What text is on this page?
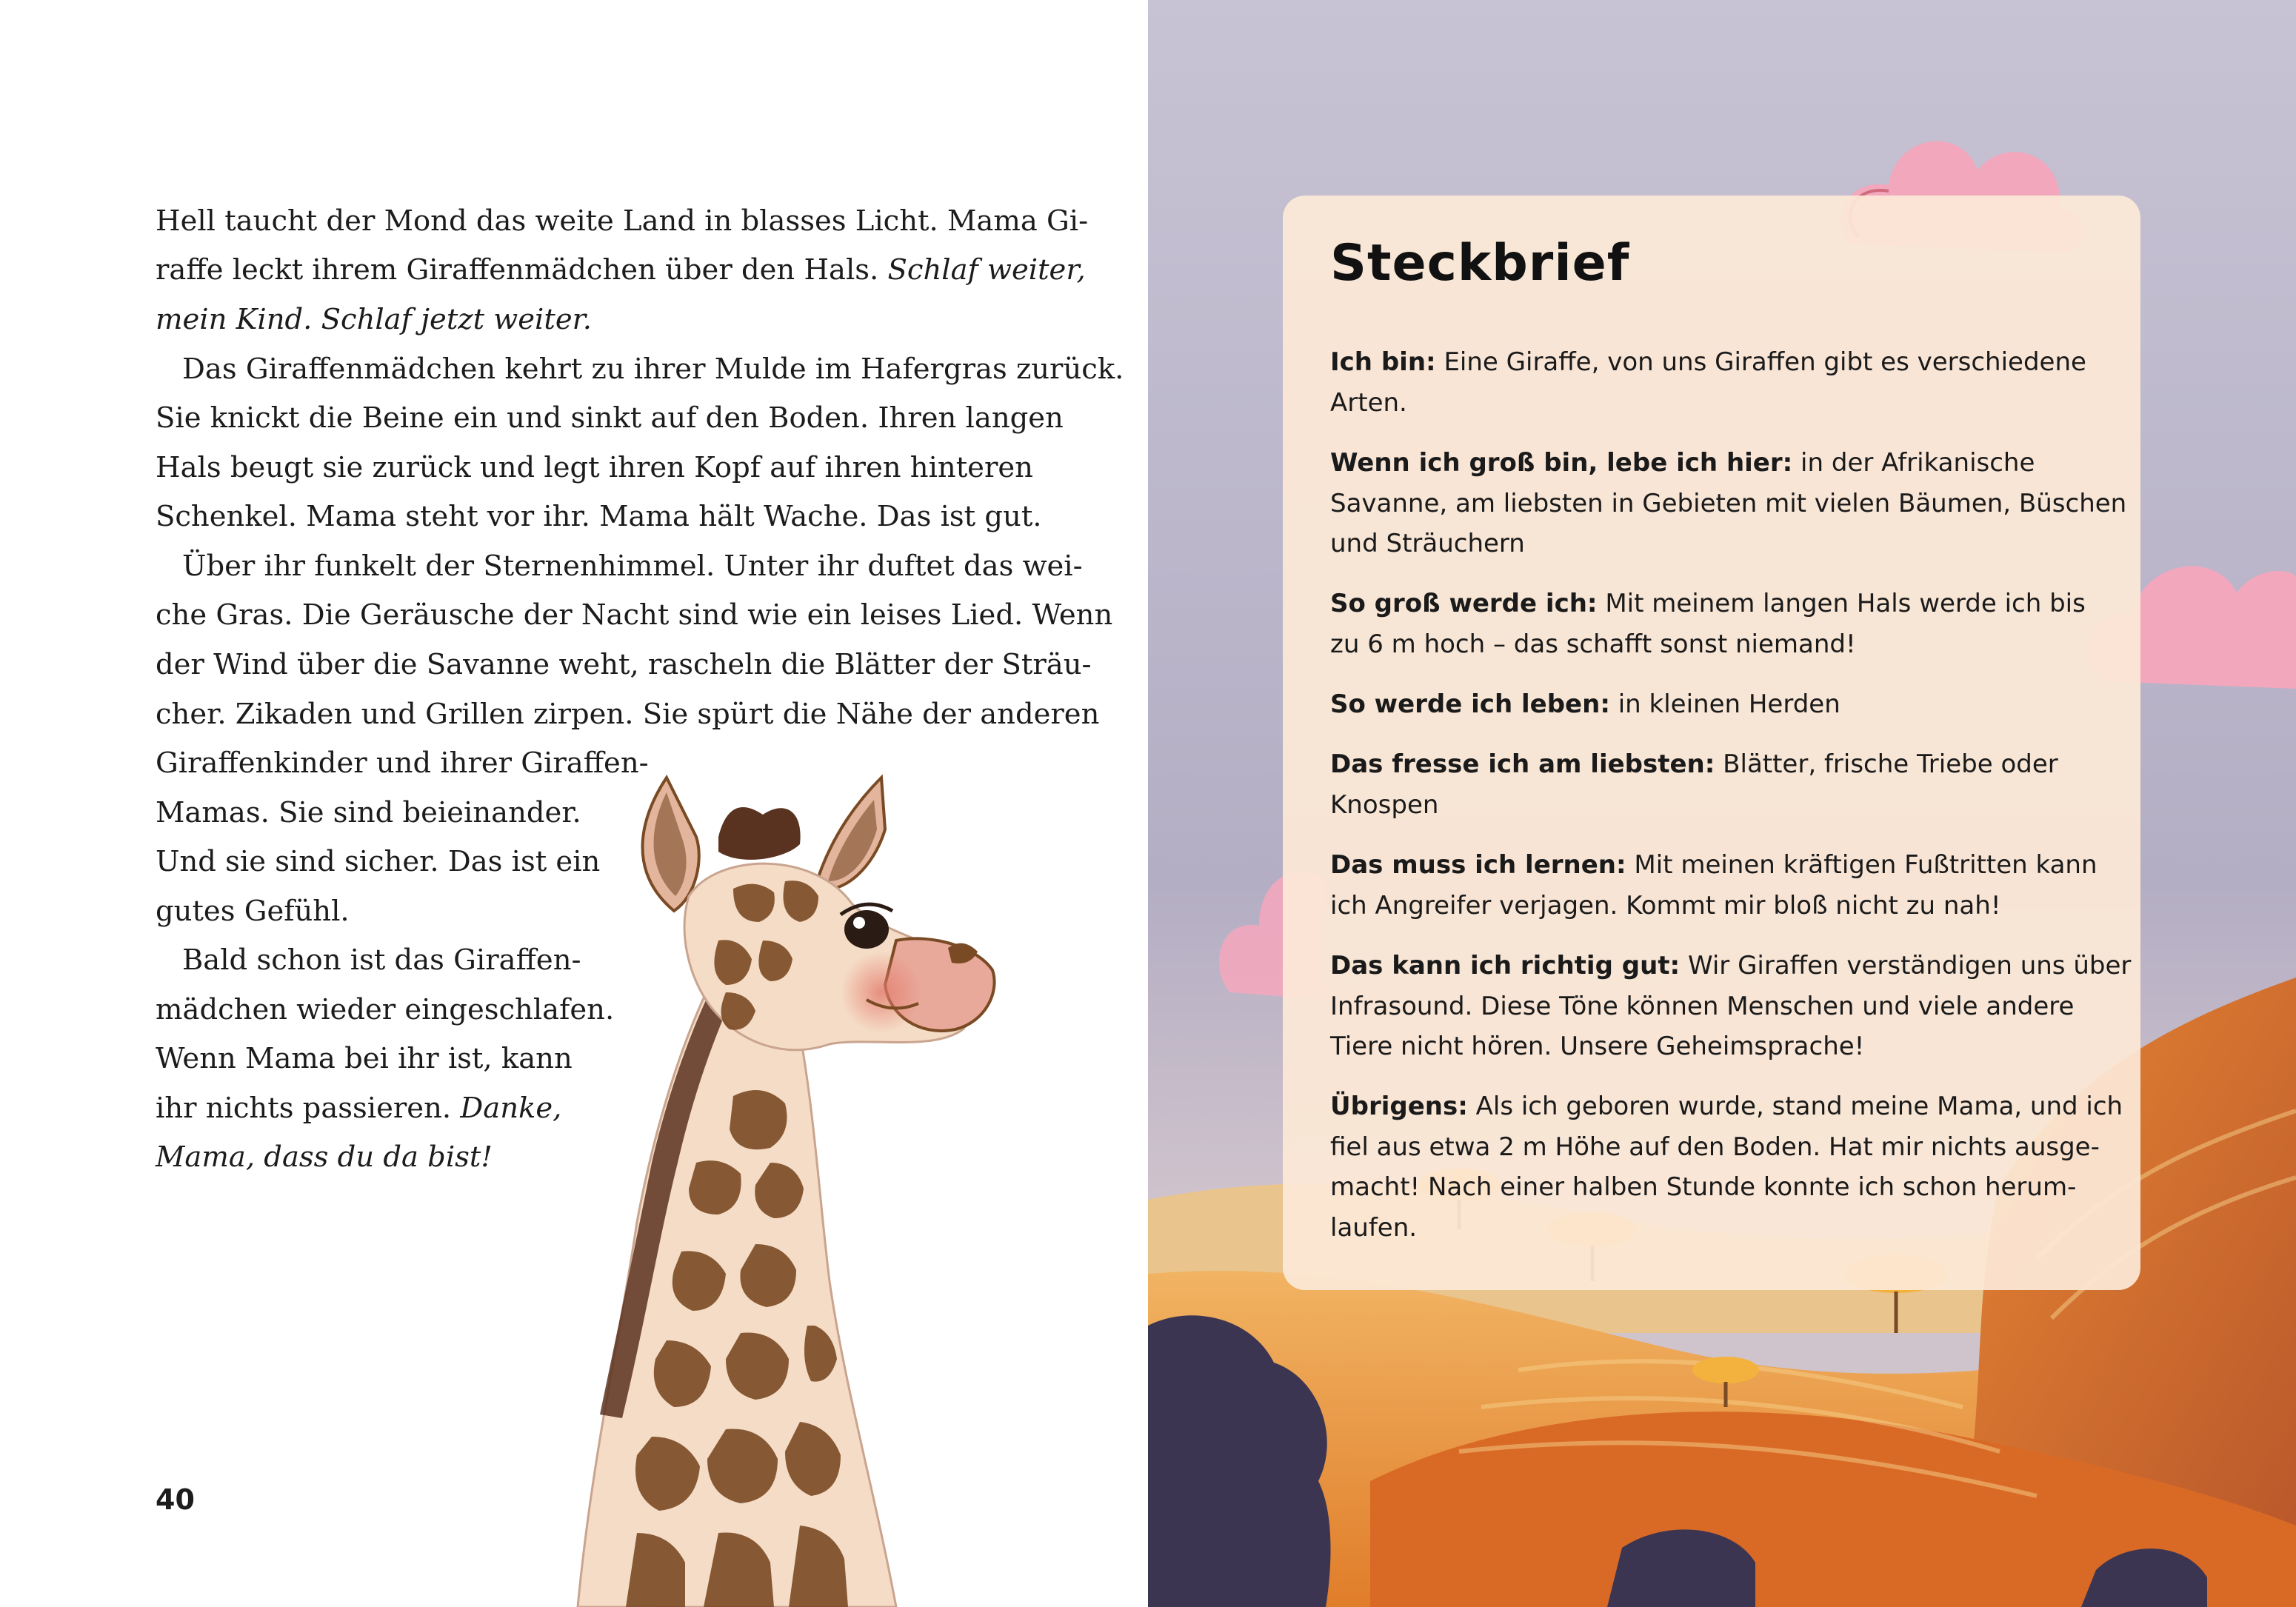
Hell taucht der Mond das weite Land in blasses Licht. Mama Gi-
raffe leckt ihrem Giraffenmädchen über den Hals. Schlaf weiter,
mein Kind. Schlaf jetzt weiter.
Das Giraffenmädchen kehrt zu ihrer Mulde im Hafergras zurück.
Sie knickt die Beine ein und sinkt auf den Boden. Ihren langen
Hals beugt sie zurück und legt ihren Kopf auf ihren hinteren
Schenkel. Mama steht vor ihr. Mama hält Wache. Das ist gut.
Über ihr funkelt der Sternenhimmel. Unter ihr duftet das wei-
che Gras. Die Geräusche der Nacht sind wie ein leises Lied. Wenn
der Wind über die Savanne weht, rascheln die Blätter der Sträu-
cher. Zikaden und Grillen zirpen. Sie spürt die Nähe der anderen
Giraffenkinder und ihrer Giraffen-
Mamas. Sie sind beieinander.
Und sie sind sicher. Das ist ein
gutes Gefühl.
Bald schon ist das Giraffen-
mädchen wieder eingeschlafen.
Wenn Mama bei ihr ist, kann
ihr nichts passieren. Danke,
Mama, dass du da bist!
40
Steckbrief
Ich bin: Eine Giraffe, von uns Giraffen gibt es verschiedene
Arten.
Wenn ich groß bin, lebe ich hier: in der Afrikanische
Savanne, am liebsten in Gebieten mit vielen Bäumen, Büschen
und Sträuchern
So groß werde ich: Mit meinem langen Hals werde ich bis
zu 6 m hoch – das schafft sonst niemand!
So werde ich leben: in kleinen Herden
Das fresse ich am liebsten: Blätter, frische Triebe oder
Knospen
Das muss ich lernen: Mit meinen kräftigen Fußtritten kann
ich Angreifer verjagen. Kommt mir bloß nicht zu nah!
Das kann ich richtig gut: Wir Giraffen verständigen uns über
Infrasound. Diese Töne können Menschen und viele andere
Tiere nicht hören. Unsere Geheimsprache!
Übrigens: Als ich geboren wurde, stand meine Mama, und ich
fiel aus etwa 2 m Höhe auf den Boden. Hat mir nichts ausge-
macht! Nach einer halben Stunde konnte ich schon herum-
laufen.
